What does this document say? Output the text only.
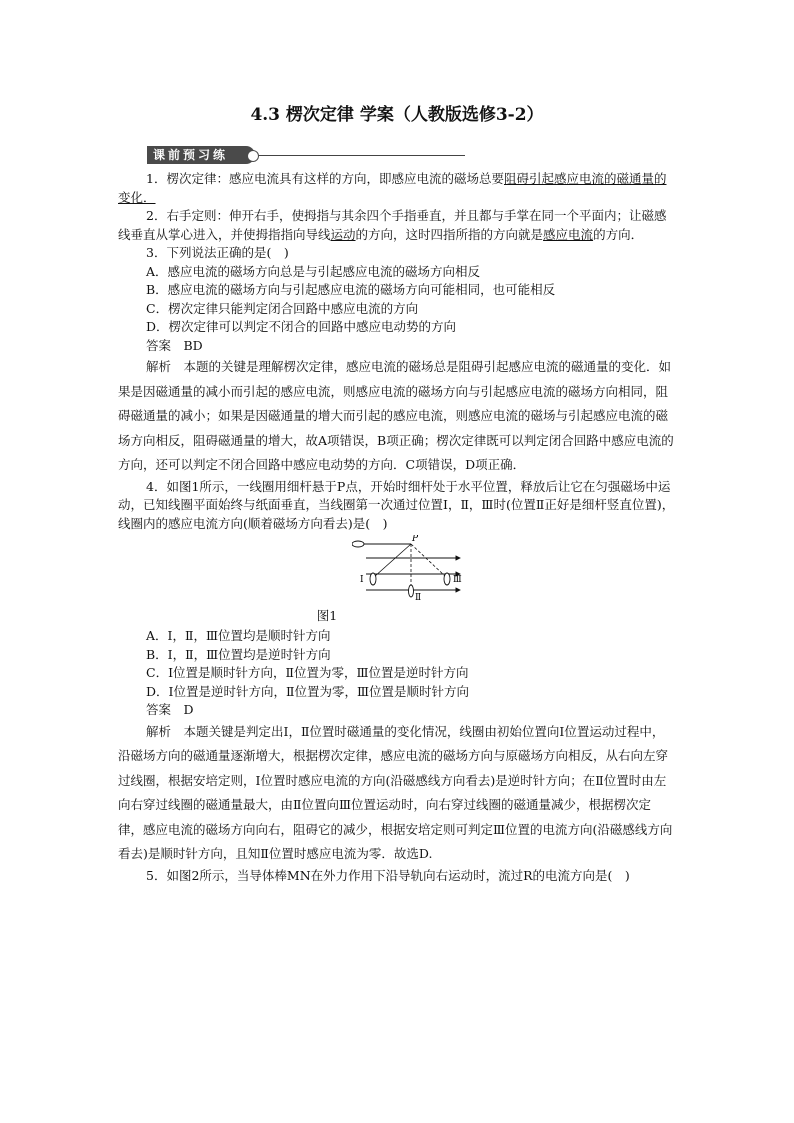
4.3 楞次定律 学案（人教版选修3-2）
课前预习练

1．楞次定律：感应电流具有这样的方向，即感应电流的磁场总要阻碍引起感应电流的磁通量的变化．

2．右手定则：伸开右手，使拇指与其余四个手指垂直，并且都与手掌在同一个平面内；让磁感线垂直从掌心进入，并使拇指指向导线运动的方向，这时四指所指的方向就是感应电流的方向．

3．下列说法正确的是(　)

A．感应电流的磁场方向总是与引起感应电流的磁场方向相反

B．感应电流的磁场方向与引起感应电流的磁场方向可能相同，也可能相反

C．楞次定律只能判定闭合回路中感应电流的方向

D．楞次定律可以判定不闭合的回路中感应电动势的方向

答案　BD

解析　本题的关键是理解楞次定律，感应电流的磁场总是阻碍引起感应电流的磁通量的变化．如果是因磁通量的减小而引起的感应电流，则感应电流的磁场方向与引起感应电流的磁场方向相同，阻碍磁通量的减小；如果是因磁通量的增大而引起的感应电流，则感应电流的磁场与引起感应电流的磁场方向相反，阻碍磁通量的增大，故A项错误，B项正确；楞次定律既可以判定闭合回路中感应电流的方向，还可以判定不闭合回路中感应电动势的方向．C项错误，D项正确．

4．如图1所示，一线圈用细杆悬于P点，开始时细杆处于水平位置，释放后让它在匀强磁场中运动，已知线圈平面始终与纸面垂直，当线圈第一次通过位置Ⅰ，Ⅱ，Ⅲ时(位置Ⅱ正好是细杆竖直位置)，线圈内的感应电流方向(顺着磁场方向看去)是(　)

P
Ⅰ
Ⅱ
Ⅲ
图1

A．Ⅰ，Ⅱ，Ⅲ位置均是顺时针方向

B．Ⅰ，Ⅱ，Ⅲ位置均是逆时针方向

C．Ⅰ位置是顺时针方向，Ⅱ位置为零，Ⅲ位置是逆时针方向

D．Ⅰ位置是逆时针方向，Ⅱ位置为零，Ⅲ位置是顺时针方向

答案　D

解析　本题关键是判定出Ⅰ，Ⅱ位置时磁通量的变化情况，线圈由初始位置向Ⅰ位置运动过程中，沿磁场方向的磁通量逐渐增大，根据楞次定律，感应电流的磁场方向与原磁场方向相反，从右向左穿过线圈，根据安培定则，Ⅰ位置时感应电流的方向(沿磁感线方向看去)是逆时针方向；在Ⅱ位置时由左向右穿过线圈的磁通量最大，由Ⅱ位置向Ⅲ位置运动时，向右穿过线圈的磁通量减少，根据楞次定律，感应电流的磁场方向向右，阻碍它的减少，根据安培定则可判定Ⅲ位置的电流方向(沿磁感线方向看去)是顺时针方向，且知Ⅱ位置时感应电流为零．故选D.

5．如图2所示，当导体棒MN在外力作用下沿导轨向右运动时，流过R的电流方向是(　)
